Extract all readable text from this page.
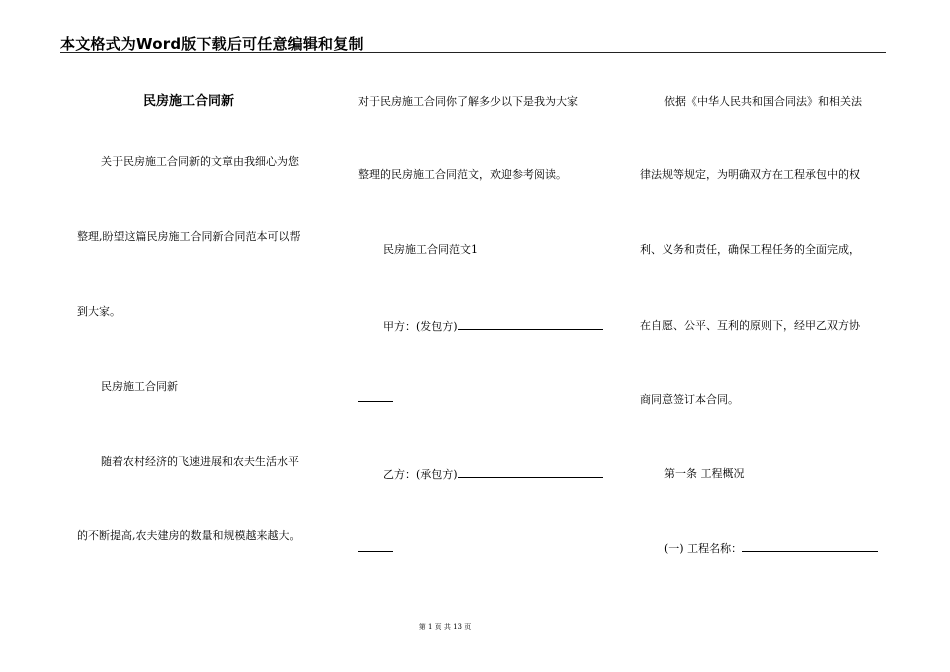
本文格式为Word版下载后可任意编辑和复制
民房施工合同新
关于民房施工合同新的文章由我细心为您
整理,盼望这篇民房施工合同新合同范本可以帮
到大家。
民房施工合同新
随着农村经济的飞速进展和农夫生活水平
的不断提高,农夫建房的数量和规模越来越大。
对于民房施工合同你了解多少以下是我为大家
整理的民房施工合同范文，欢迎参考阅读。
民房施工合同范文1
甲方：(发包方)
乙方：(承包方)
依据《中华人民共和国合同法》和相关法
律法规等规定，为明确双方在工程承包中的权
利、义务和责任，确保工程任务的全面完成，
在自愿、公平、互利的原则下，经甲乙双方协
商同意签订本合同。
第一条 工程概况
(一) 工程名称：
第 1 页 共 13 页
